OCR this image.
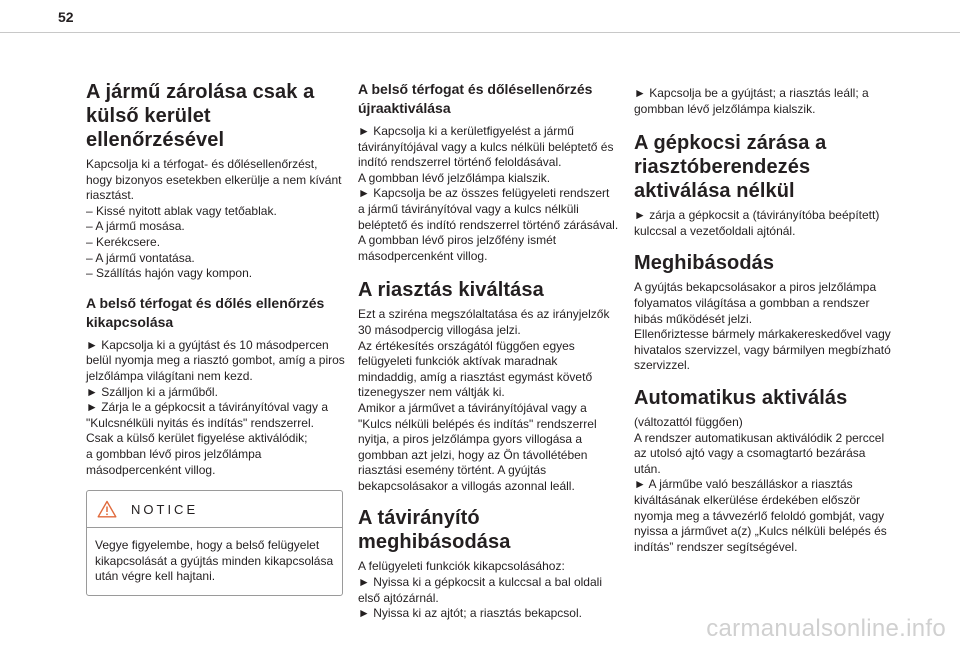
52
A jármű zárolása csak a
külső kerület ellenőrzésével
Kapcsolja ki a térfogat- és dőlésellenőrzést,
hogy bizonyos esetekben elkerülje a nem kívánt
riasztást.
– Kissé nyitott ablak vagy tetőablak.
– A jármű mosása.
– Kerékcsere.
– A jármű vontatása.
– Szállítás hajón vagy kompon.
A belső térfogat és dőlés ellenőrzés
kikapcsolása
► Kapcsolja ki a gyújtást és 10 másodpercen
belül nyomja meg a riasztó gombot, amíg a piros
jelzőlámpa világítani nem kezd.
► Szálljon ki a járműből.
► Zárja le a gépkocsit a távirányítóval vagy a
"Kulcsnélküli nyitás és indítás" rendszerrel.
Csak a külső kerület figyelése aktiválódik;
a gombban lévő piros jelzőlámpa
másodpercenként villog.
NOTICE
Vegye figyelembe, hogy a belső felügyelet
kikapcsolását a gyújtás minden kikapcsolása
után végre kell hajtani.
A belső térfogat és dőlésellenőrzés
újraaktiválása
► Kapcsolja ki a kerületfigyelést a jármű
távirányítójával vagy a kulcs nélküli beléptető és
indító rendszerrel történő feloldásával.
A gombban lévő jelzőlámpa kialszik.
► Kapcsolja be az összes felügyeleti rendszert
a jármű távirányítóval vagy a kulcs nélküli
beléptető és indító rendszerrel történő zárásával.
A gombban lévő piros jelzőfény ismét
másodpercenként villog.
A riasztás kiváltása
Ezt a sziréna megszólaltatása és az irányjelzők
30 másodpercig villogása jelzi.
Az értékesítés országától függően egyes
felügyeleti funkciók aktívak maradnak
mindaddig, amíg a riasztást egymást követő
tizenegyszer nem váltják ki.
Amikor a járművet a távirányítójával vagy a
"Kulcs nélküli belépés és indítás" rendszerrel
nyitja, a piros jelzőlámpa gyors villogása a
gombban azt jelzi, hogy az Ön távollétében
riasztási esemény történt. A gyújtás
bekapcsolásakor a villogás azonnal leáll.
A távirányító
meghibásodása
A felügyeleti funkciók kikapcsolásához:
► Nyissa ki a gépkocsit a kulccsal a bal oldali
első ajtózárnál.
► Nyissa ki az ajtót; a riasztás bekapcsol.
► Kapcsolja be a gyújtást; a riasztás leáll; a
gombban lévő jelzőlámpa kialszik.
A gépkocsi zárása a
riasztóberendezés
aktiválása nélkül
► zárja a gépkocsit a (távirányítóba beépített)
kulccsal a vezetőoldali ajtónál.
Meghibásodás
A gyújtás bekapcsolásakor a piros jelzőlámpa
folyamatos világítása a gombban a rendszer
hibás működését jelzi.
Ellenőriztesse bármely márkakereskedővel vagy
hivatalos szervizzel, vagy bármilyen megbízható
szervizzel.
Automatikus aktiválás
(változattól függően)
A rendszer automatikusan aktiválódik 2 perccel
az utolsó ajtó vagy a csomagtartó bezárása
után.
► A járműbe való beszálláskor a riasztás
kiváltásának elkerülése érdekében először
nyomja meg a távvezérlő feloldó gombját, vagy
nyissa a járművet a(z) „Kulcs nélküli belépés és
indítás” rendszer segítségével.
carmanualsonline.info
